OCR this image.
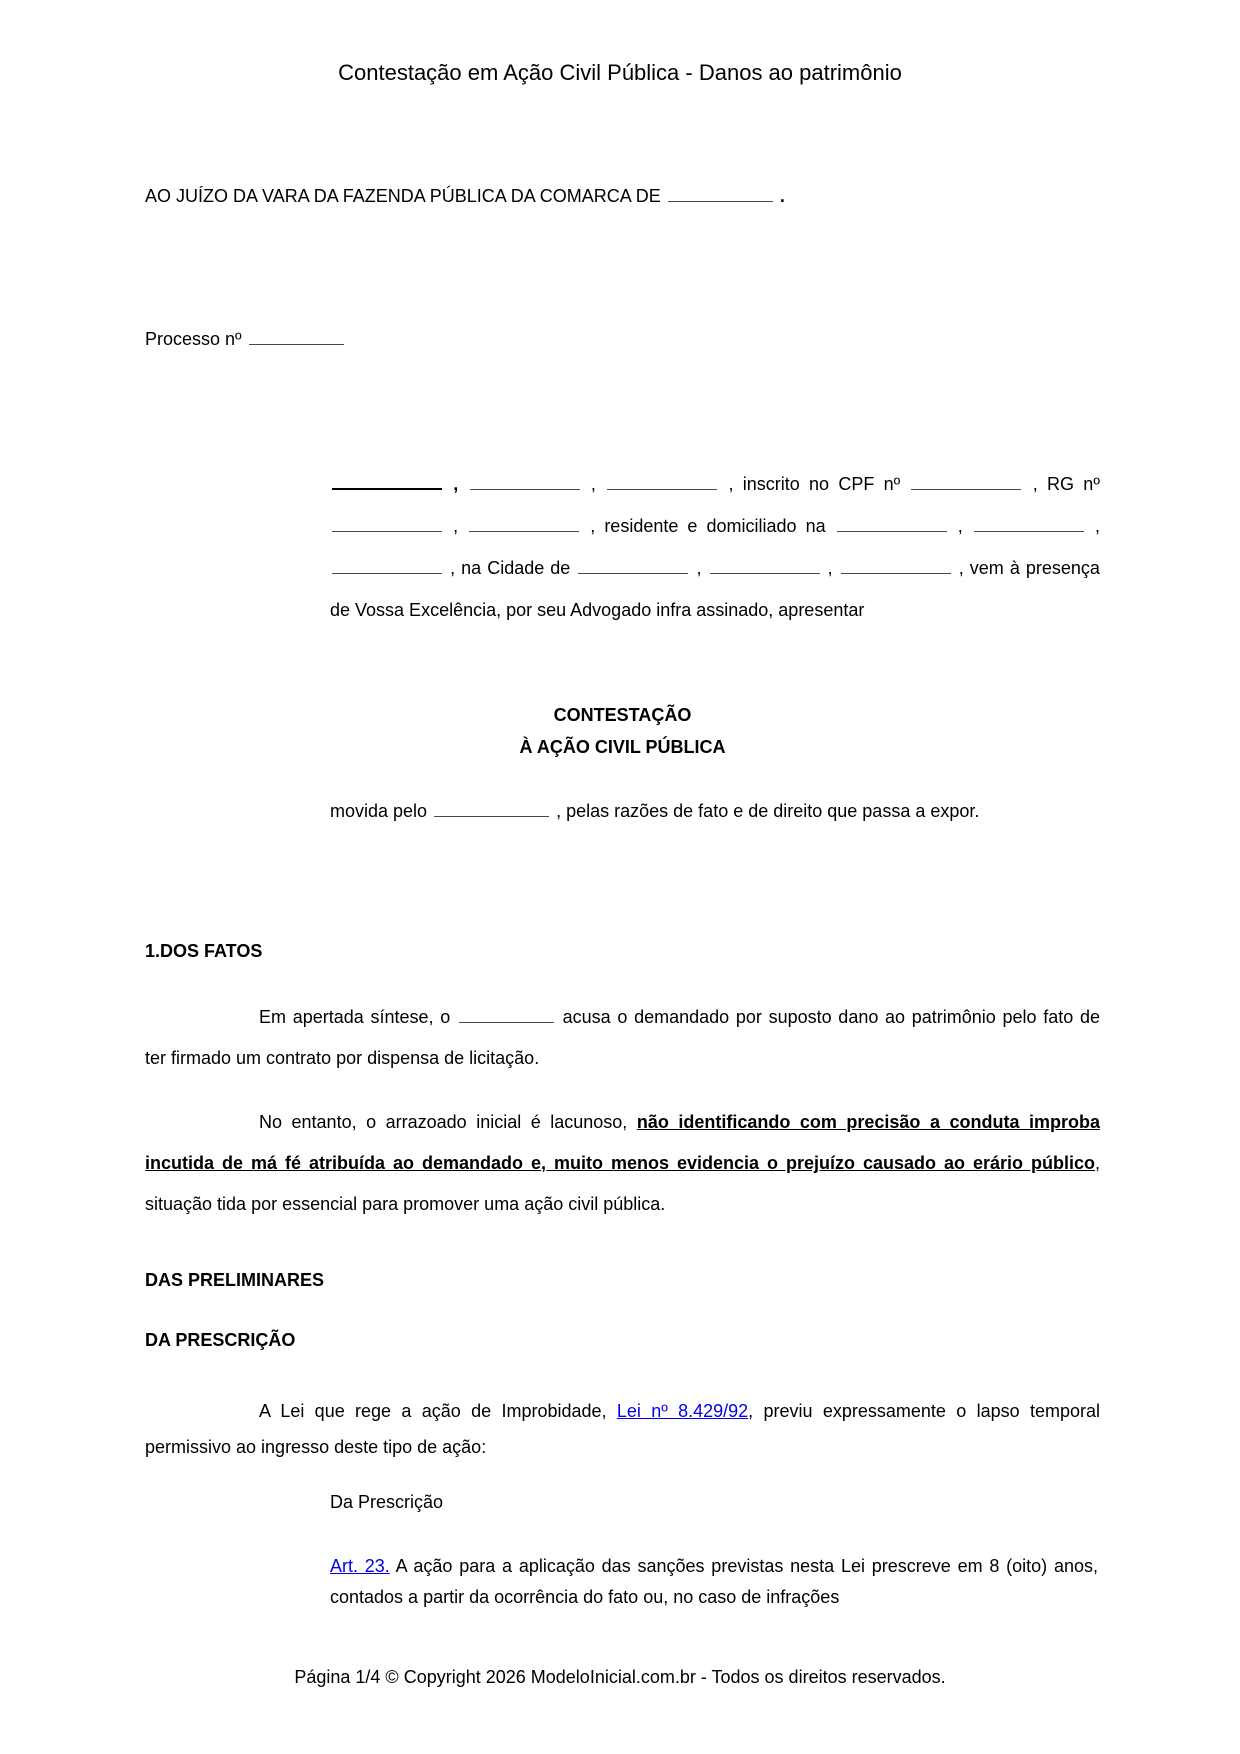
Contestação em Ação Civil Pública - Danos ao patrimônio
AO JUÍZO DA VARA DA FAZENDA PÚBLICA DA COMARCA DE	.
Processo nº
,	,	, inscrito no CPF nº	, RG nº  ,	, residente e domiciliado na	,	,  , na Cidade de	,	,	, vem à presença de Vossa Excelência, por seu Advogado infra assinado, apresentar
CONTESTAÇÃO
À AÇÃO CIVIL PÚBLICA
movida pelo	, pelas razões de fato e de direito que passa a expor.
1.DOS FATOS
Em apertada síntese, o	acusa o demandado por suposto dano ao patrimônio pelo fato de ter firmado um contrato por dispensa de licitação.
No entanto, o arrazoado inicial é lacunoso, não identificando com precisão a conduta improba incutida de má fé atribuída ao demandado e, muito menos evidencia o prejuízo causado ao erário público, situação tida por essencial para promover uma ação civil pública.
DAS PRELIMINARES
DA PRESCRIÇÃO
A Lei que rege a ação de Improbidade, Lei nº 8.429/92, previu expressamente o lapso temporal permissivo ao ingresso deste tipo de ação:
Da Prescrição
Art. 23. A ação para a aplicação das sanções previstas nesta Lei prescreve em 8 (oito) anos, contados a partir da ocorrência do fato ou, no caso de infrações
Página 1/4 © Copyright 2026 ModeloInicial.com.br - Todos os direitos reservados.
